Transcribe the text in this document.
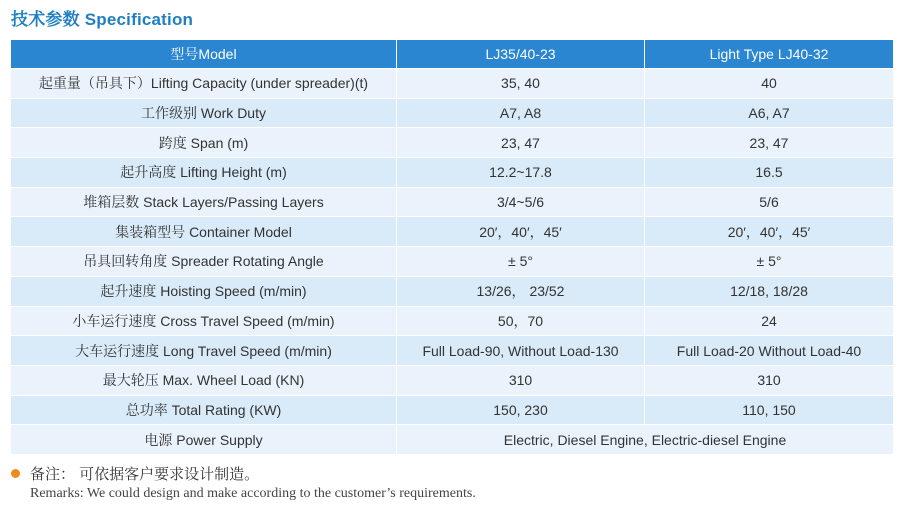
技术参数 Specification
型号Model	LJ35/40-23	Light Type LJ40-32
起重量（吊具下）Lifting Capacity (under spreader)(t)	35, 40	40
工作级别 Work Duty	A7, A8	A6, A7
跨度 Span (m)	23, 47	23, 47
起升高度 Lifting Height (m)	12.2~17.8	16.5
堆箱层数 Stack Layers/Passing Layers	3/4~5/6	5/6
集装箱型号 Container Model	20′，40′，45′	20′，40′，45′
吊具回转角度 Spreader Rotating Angle	± 5°	± 5°
起升速度 Hoisting Speed (m/min)	13/26， 23/52	12/18, 18/28
小车运行速度 Cross Travel Speed (m/min)	50，70	24
大车运行速度 Long Travel Speed (m/min)	Full Load-90, Without Load-130	Full Load-20 Without Load-40
最大轮压 Max. Wheel Load (KN)	310	310
总功率 Total Rating (KW)	150, 230	110, 150
电源 Power Supply	Electric, Diesel Engine, Electric-diesel Engine	
备注： 可依据客户要求设计制造。
Remarks: We could design and make according to the customer’s requirements.
